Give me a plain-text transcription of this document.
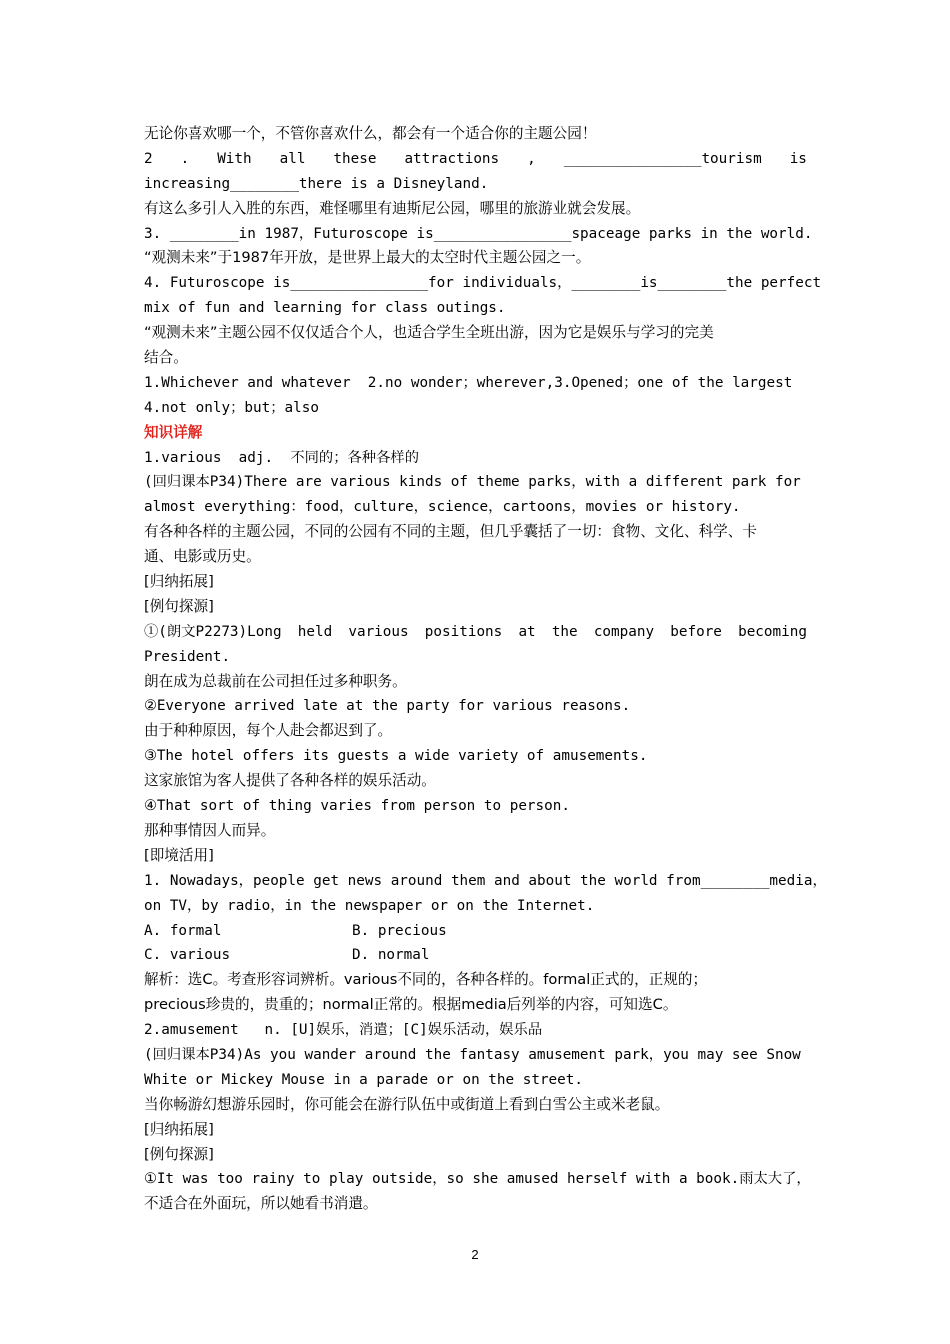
无论你喜欢哪一个，不管你喜欢什么，都会有一个适合你的主题公园！
2 . With all these attractions , ________________tourism is
increasing________there is a Disneyland.
有这么多引人入胜的东西，难怪哪里有迪斯尼公园，哪里的旅游业就会发展。
3. ________in 1987，Futuroscope is________________spaceage parks in the world.
“观测未来”于1987年开放，是世界上最大的太空时代主题公园之一。
4. Futuroscope is________________for individuals，________is________the perfect
mix of fun and learning for class outings.
“观测未来”主题公园不仅仅适合个人，也适合学生全班出游，因为它是娱乐与学习的完美
结合。
1.Whichever and whatever  2.no wonder；wherever,3.Opened；one of the largest
4.not only；but；also
知识详解
1.various  adj.  不同的；各种各样的
(回归课本P34)There are various kinds of theme parks，with a different park for
almost everything：food，culture，science，cartoons，movies or history.
有各种各样的主题公园，不同的公园有不同的主题，但几乎囊括了一切：食物、文化、科学、卡
通、电影或历史。
[归纳拓展]
[例句探源]
①(朗文P2273)Long held various positions at the company before becoming
President.
朗在成为总裁前在公司担任过多种职务。
②Everyone arrived late at the party for various reasons.
由于种种原因，每个人赴会都迟到了。
③The hotel offers its guests a wide variety of amusements.
这家旅馆为客人提供了各种各样的娱乐活动。
④That sort of thing varies from person to person.
那种事情因人而异。
[即境活用]
1. Nowadays，people get news around them and about the world from________media，
on TV，by radio，in the newspaper or on the Internet.
A. formal	B. precious
C. various	D. normal
解析：选C。考查形容词辨析。various不同的，各种各样的。formal正式的，正规的；
precious珍贵的，贵重的；normal正常的。根据media后列举的内容，可知选C。
2.amusement   n. [U]娱乐，消遣；[C]娱乐活动，娱乐品
(回归课本P34)As you wander around the fantasy amusement park，you may see Snow
White or Mickey Mouse in a parade or on the street.
当你畅游幻想游乐园时，你可能会在游行队伍中或街道上看到白雪公主或米老鼠。
[归纳拓展]
[例句探源]
①It was too rainy to play outside，so she amused herself with a book.雨太大了，
不适合在外面玩，所以她看书消遣。
2
